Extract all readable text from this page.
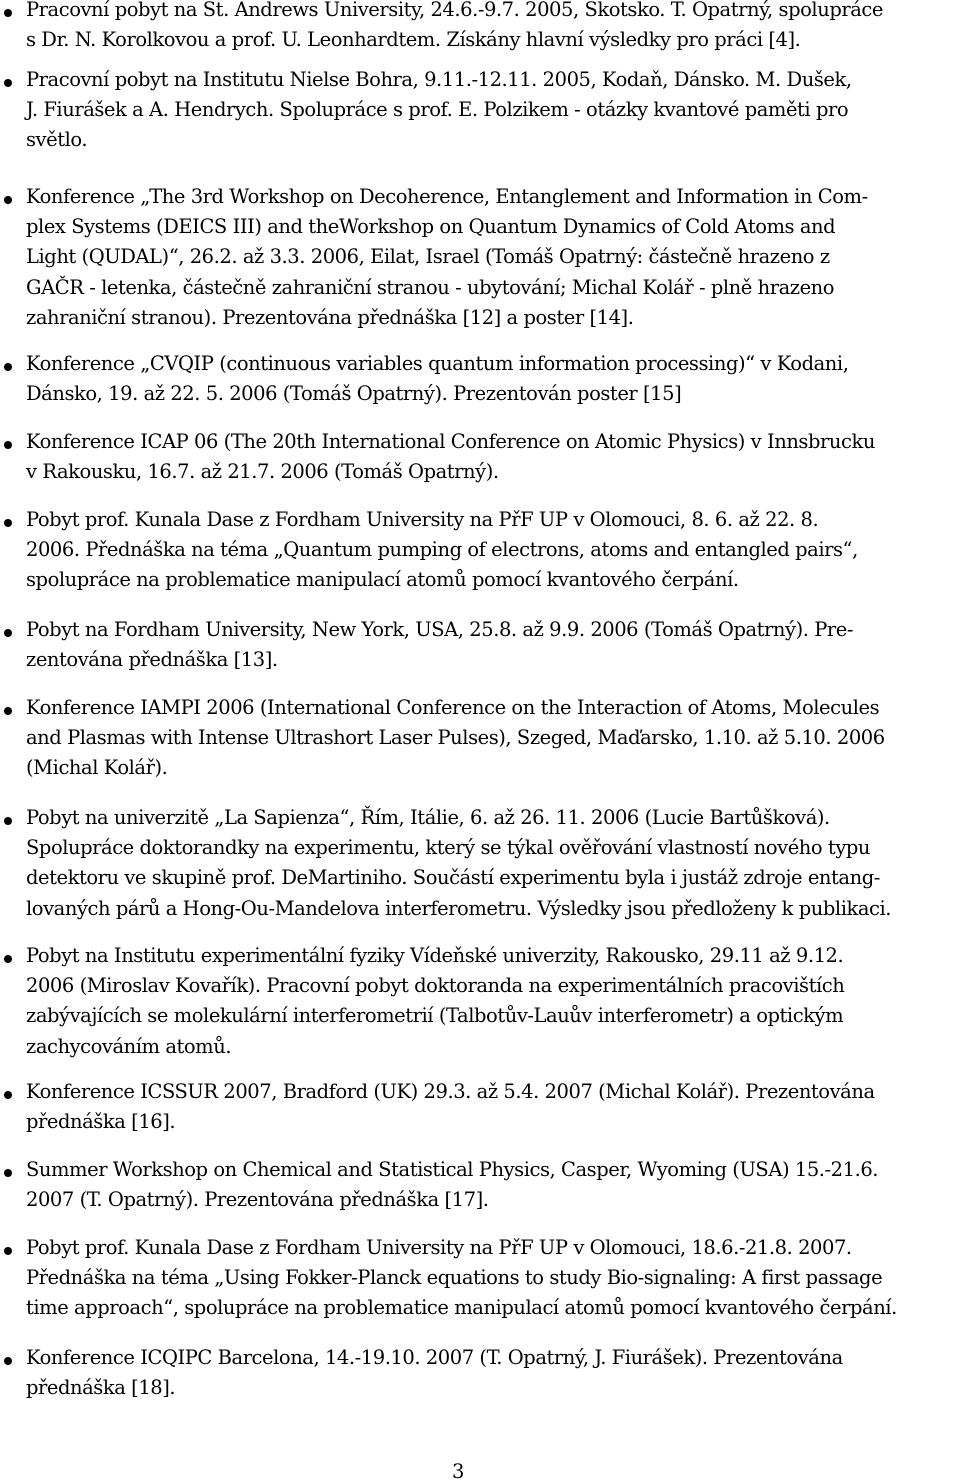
Pracovní pobyt na St. Andrews University, 24.6.-9.7. 2005, Skotsko. T. Opatrný, spolupráce
s Dr. N. Korolkovou a prof. U. Leonhardtem. Získány hlavní výsledky pro práci [4].
Pracovní pobyt na Institutu Nielse Bohra, 9.11.-12.11. 2005, Kodaň, Dánsko. M. Dušek,
J. Fiurášek a A. Hendrych. Spolupráce s prof. E. Polzikem - otázky kvantové paměti pro
světlo.
Konference „The 3rd Workshop on Decoherence, Entanglement and Information in Com-
plex Systems (DEICS III) and theWorkshop on Quantum Dynamics of Cold Atoms and
Light (QUDAL)“, 26.2. až 3.3. 2006, Eilat, Israel (Tomáš Opatrný: částečně hrazeno z
GAČR - letenka, částečně zahraniční stranou - ubytování; Michal Kolář - plně hrazeno
zahraniční stranou). Prezentována přednáška [12] a poster [14].
Konference „CVQIP (continuous variables quantum information processing)“ v Kodani,
Dánsko, 19. až 22. 5. 2006 (Tomáš Opatrný). Prezentován poster [15]
Konference ICAP 06 (The 20th International Conference on Atomic Physics) v Innsbrucku
v Rakousku, 16.7. až 21.7. 2006 (Tomáš Opatrný).
Pobyt prof. Kunala Dase z Fordham University na PřF UP v Olomouci, 8. 6. až 22. 8.
2006. Přednáška na téma „Quantum pumping of electrons, atoms and entangled pairs“,
spolupráce na problematice manipulací atomů pomocí kvantového čerpání.
Pobyt na Fordham University, New York, USA, 25.8. až 9.9. 2006 (Tomáš Opatrný). Pre-
zentována přednáška [13].
Konference IAMPI 2006 (International Conference on the Interaction of Atoms, Molecules
and Plasmas with Intense Ultrashort Laser Pulses), Szeged, Maďarsko, 1.10. až 5.10. 2006
(Michal Kolář).
Pobyt na univerzitě „La Sapienza“, Řím, Itálie, 6. až 26. 11. 2006 (Lucie Bartůšková).
Spolupráce doktorandky na experimentu, který se týkal ověřování vlastností nového typu
detektoru ve skupině prof. DeMartiniho. Součástí experimentu byla i justáž zdroje entang-
lovaných párů a Hong-Ou-Mandelova interferometru. Výsledky jsou předloženy k publikaci.
Pobyt na Institutu experimentální fyziky Vídeňské univerzity, Rakousko, 29.11 až 9.12.
2006 (Miroslav Kovařík). Pracovní pobyt doktoranda na experimentálních pracovištích
zabývajících se molekulární interferometrií (Talbotův-Lauův interferometr) a optickým
zachycováním atomů.
Konference ICSSUR 2007, Bradford (UK) 29.3. až 5.4. 2007 (Michal Kolář). Prezentována
přednáška [16].
Summer Workshop on Chemical and Statistical Physics, Casper, Wyoming (USA) 15.-21.6.
2007 (T. Opatrný). Prezentována přednáška [17].
Pobyt prof. Kunala Dase z Fordham University na PřF UP v Olomouci, 18.6.-21.8. 2007.
Přednáška na téma „Using Fokker-Planck equations to study Bio-signaling: A first passage
time approach“, spolupráce na problematice manipulací atomů pomocí kvantového čerpání.
Konference ICQIPC Barcelona, 14.-19.10. 2007 (T. Opatrný, J. Fiurášek). Prezentována
přednáška [18].
3
